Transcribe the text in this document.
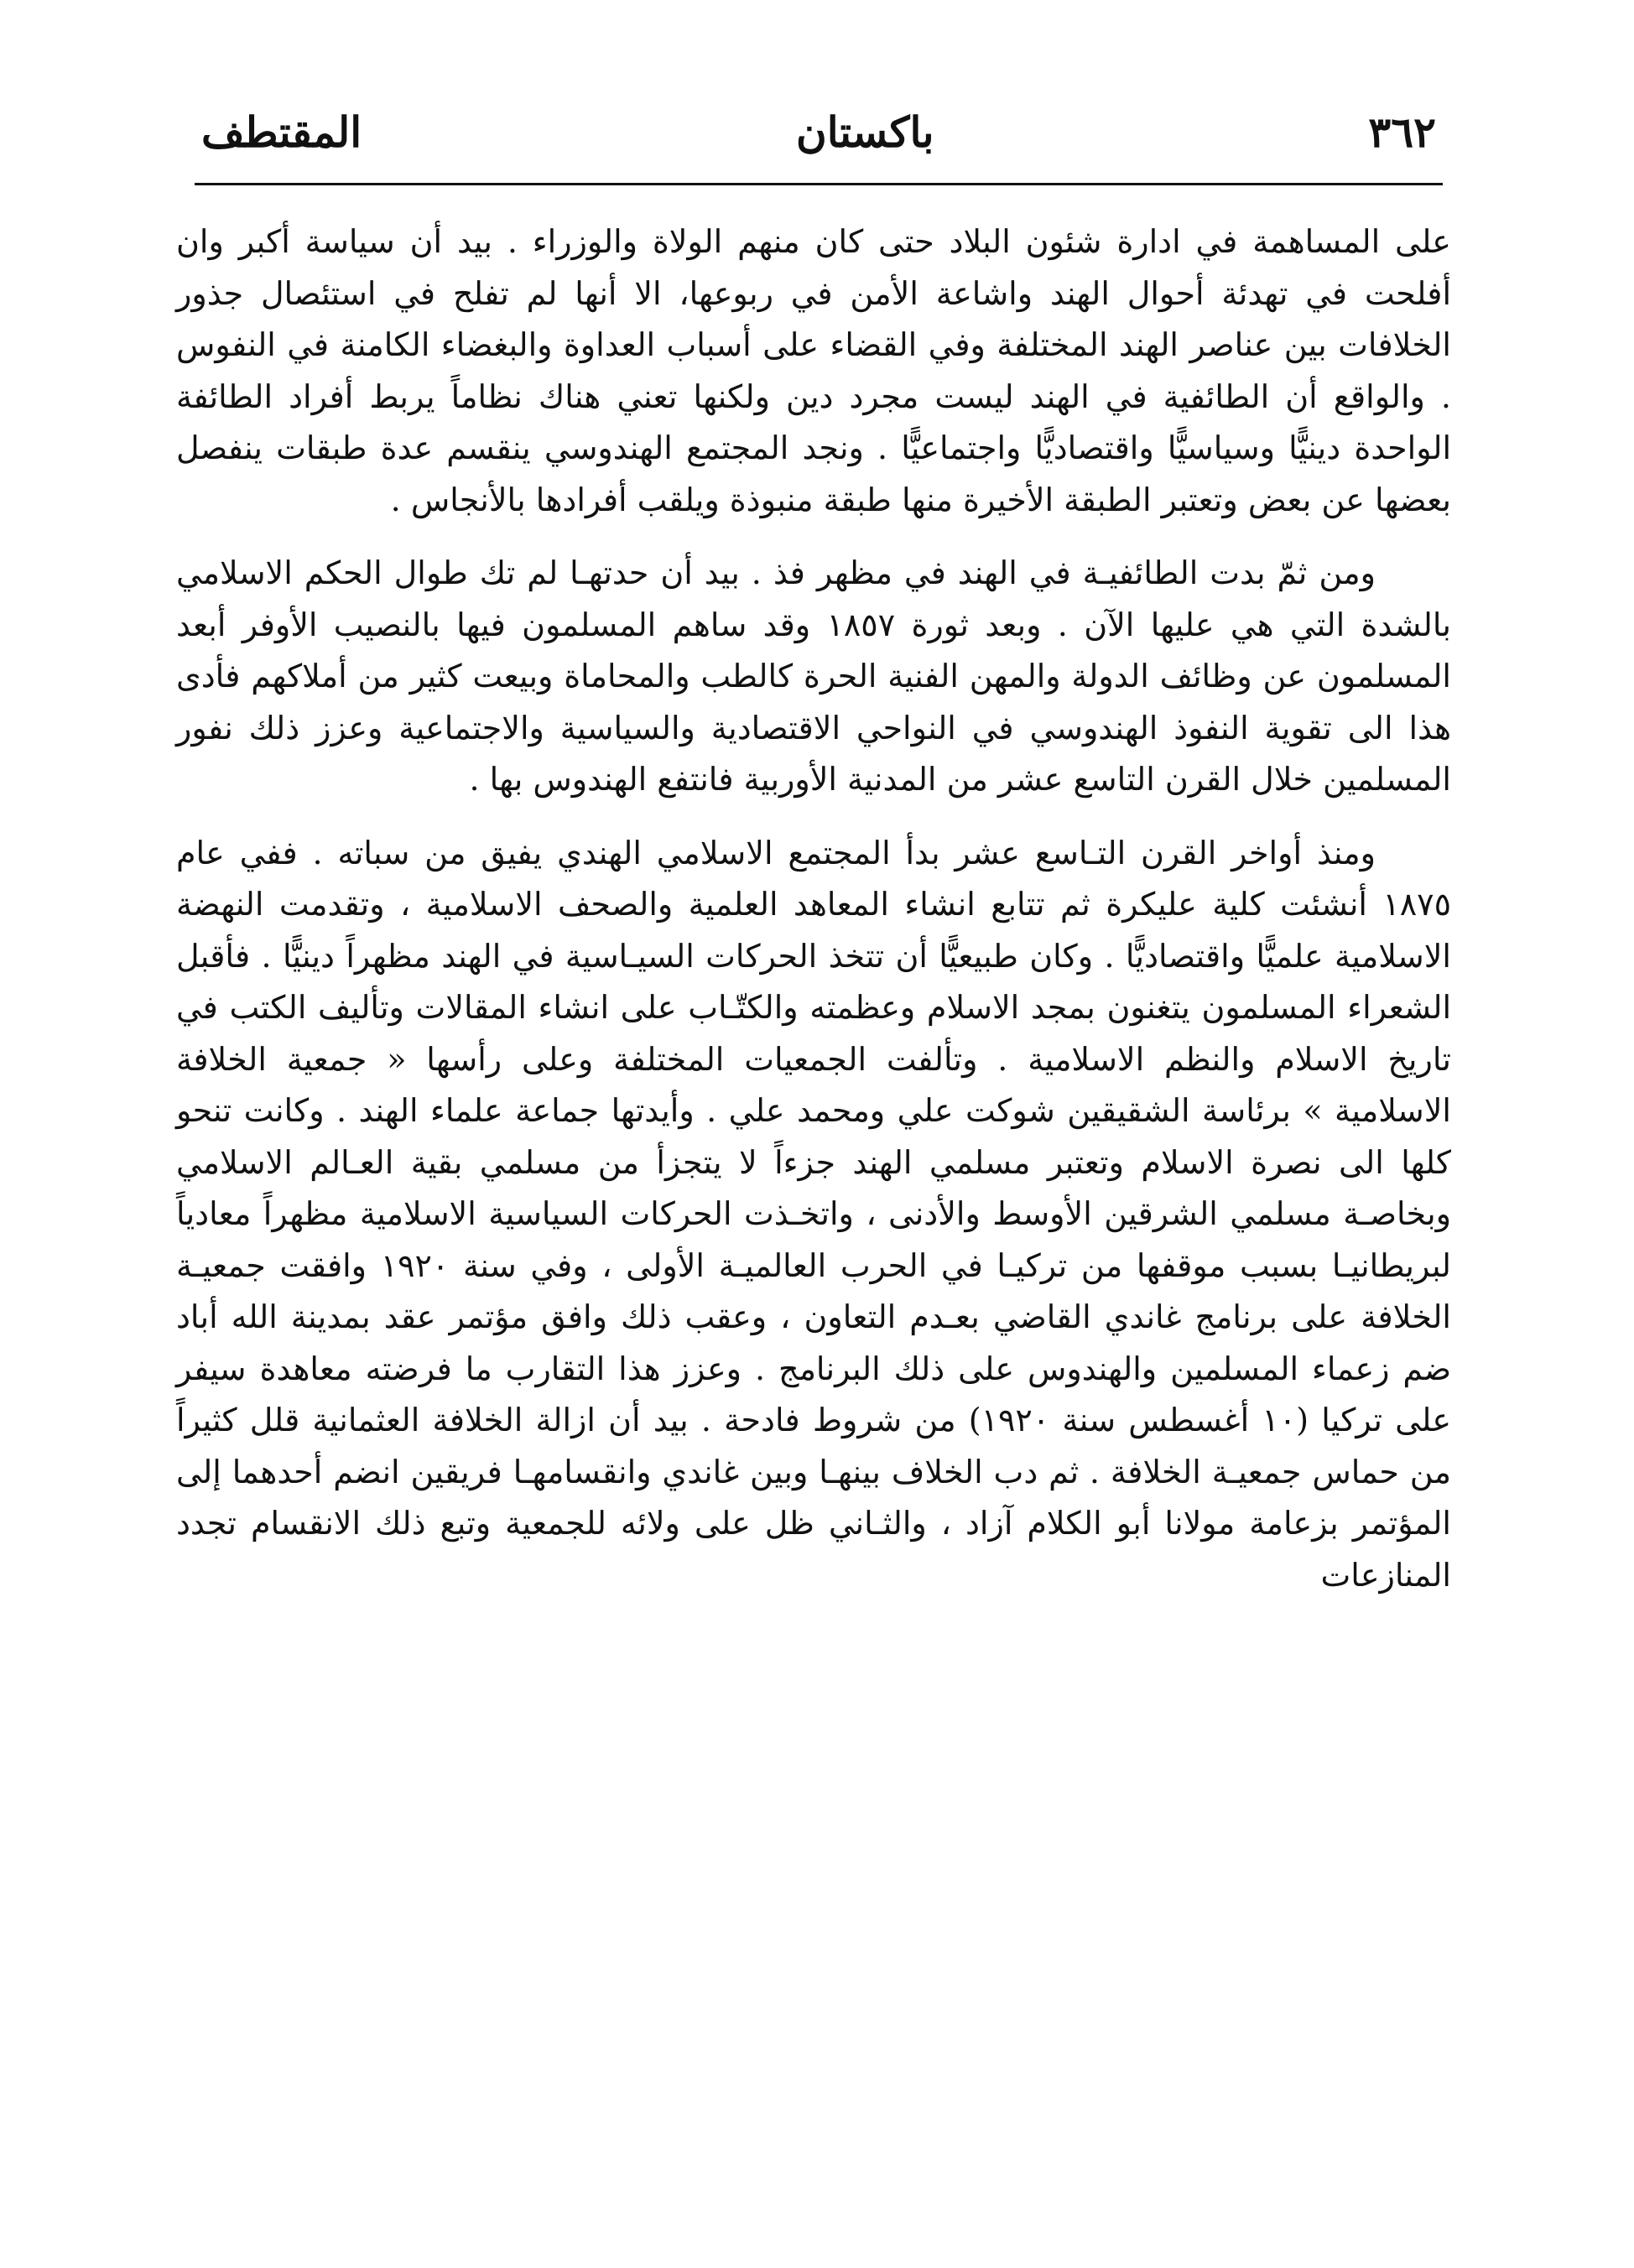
٣٦٢
باكستان
المقتطف

على المساهمة في ادارة شئون البلاد حتى كان منهم الولاة والوزراء . بيد أن سياسة أكبر وان أفلحت في تهدئة أحوال الهند واشاعة الأمن في ربوعها، الا أنها لم تفلح في استئصال جذور الخلافات بين عناصر الهند المختلفة وفي القضاء على أسباب العداوة والبغضاء الكامنة في النفوس . والواقع أن الطائفية في الهند ليست مجرد دين ولكنها تعني هناك نظاماً يربط أفراد الطائفة الواحدة دينيًّا وسياسيًّا واقتصاديًّا واجتماعيًّا . ونجد المجتمع الهندوسي ينقسم عدة طبقات ينفصل بعضها عن بعض وتعتبر الطبقة الأخيرة منها طبقة منبوذة ويلقب أفرادها بالأنجاس .

ومن ثمّ بدت الطائفيـة في الهند في مظهر فذ . بيد أن حدتهـا لم تك طوال الحكم الاسلامي بالشدة التي هي عليها الآن . وبعد ثورة ١٨٥٧ وقد ساهم المسلمون فيها بالنصيب الأوفر أبعد المسلمون عن وظائف الدولة والمهن الفنية الحرة كالطب والمحاماة وبيعت كثير من أملاكهم فأدى هذا الى تقوية النفوذ الهندوسي في النواحي الاقتصادية والسياسية والاجتماعية وعزز ذلك نفور المسلمين خلال القرن التاسع عشر من المدنية الأوربية فانتفع الهندوس بها .

ومنذ أواخر القرن التـاسع عشر بدأ المجتمع الاسلامي الهندي يفيق من سباته . ففي عام ١٨٧٥ أنشئت كلية عليكرة ثم تتابع انشاء المعاهد العلمية والصحف الاسلامية ، وتقدمت النهضة الاسلامية علميًّا واقتصاديًّا . وكان طبيعيًّا أن تتخذ الحركات السيـاسية في الهند مظهراً دينيًّا . فأقبل الشعراء المسلمون يتغنون بمجد الاسلام وعظمته والكتّـاب على انشاء المقالات وتأليف الكتب في تاريخ الاسلام والنظم الاسلامية . وتألفت الجمعيات المختلفة وعلى رأسها « جمعية الخلافة الاسلامية » برئاسة الشقيقين شوكت علي ومحمد علي . وأيدتها جماعة علماء الهند . وكانت تنحو كلها الى نصرة الاسلام وتعتبر مسلمي الهند جزءاً لا يتجزأ من مسلمي بقية العـالم الاسلامي وبخاصـة مسلمي الشرقين الأوسط والأدنى ، واتخـذت الحركات السياسية الاسلامية مظهراً معادياً لبريطانيـا بسبب موقفها من تركيـا في الحرب العالميـة الأولى ، وفي سنة ١٩٢٠ وافقت جمعيـة الخلافة على برنامج غاندي القاضي بعـدم التعاون ، وعقب ذلك وافق مؤتمر عقد بمدينة الله أباد ضم زعماء المسلمين والهندوس على ذلك البرنامج . وعزز هذا التقارب ما فرضته معاهدة سيفر على تركيا (١٠ أغسطس سنة ١٩٢٠) من شروط فادحة . بيد أن ازالة الخلافة العثمانية قلل كثيراً من حماس جمعيـة الخلافة . ثم دب الخلاف بينهـا وبين غاندي وانقسامهـا فريقين انضم أحدهما إلى المؤتمر بزعامة مولانا أبو الكلام آزاد ، والثـاني ظل على ولائه للجمعية وتبع ذلك الانقسام تجدد المنازعات
